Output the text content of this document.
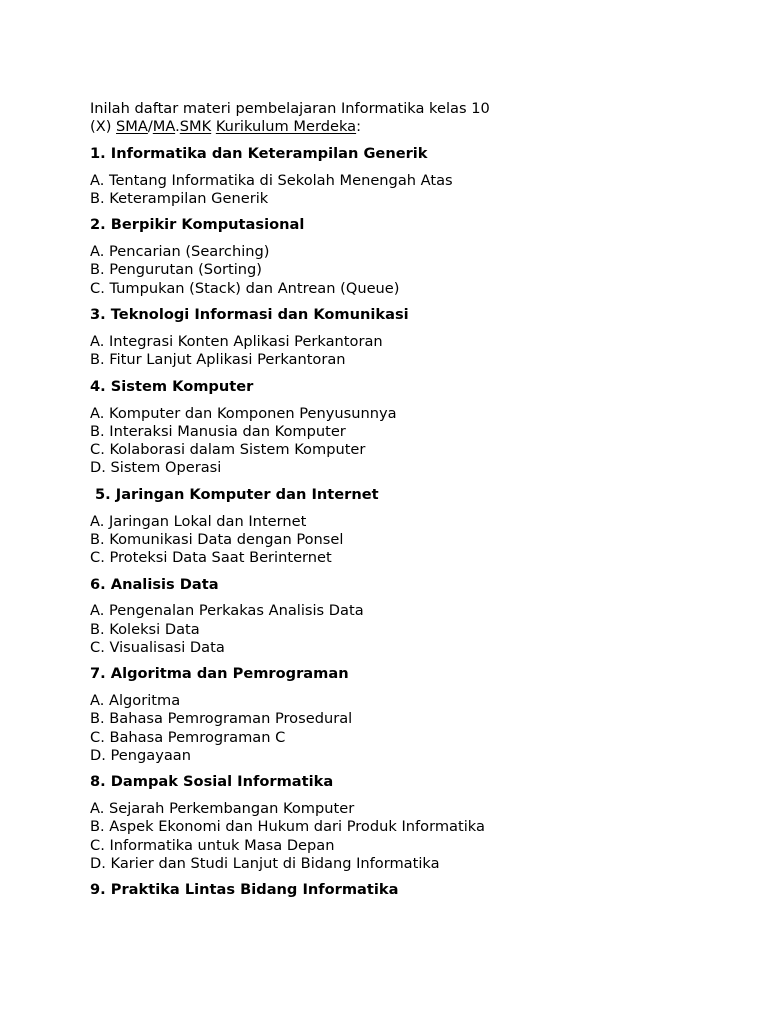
Inilah daftar materi pembelajaran Informatika kelas 10
(X) SMA/MA.SMK Kurikulum Merdeka:

1. Informatika dan Keterampilan Generik
A. Tentang Informatika di Sekolah Menengah Atas
B. Keterampilan Generik
2. Berpikir Komputasional
A. Pencarian (Searching)
B. Pengurutan (Sorting)
C. Tumpukan (Stack) dan Antrean (Queue)
3. Teknologi Informasi dan Komunikasi
A. Integrasi Konten Aplikasi Perkantoran
B. Fitur Lanjut Aplikasi Perkantoran
4. Sistem Komputer
A. Komputer dan Komponen Penyusunnya
B. Interaksi Manusia dan Komputer
C. Kolaborasi dalam Sistem Komputer
D. Sistem Operasi
5. Jaringan Komputer dan Internet
A. Jaringan Lokal dan Internet
B. Komunikasi Data dengan Ponsel
C. Proteksi Data Saat Berinternet
6. Analisis Data
A. Pengenalan Perkakas Analisis Data
B. Koleksi Data
C. Visualisasi Data
7. Algoritma dan Pemrograman
A. Algoritma
B. Bahasa Pemrograman Prosedural
C. Bahasa Pemrograman C
D. Pengayaan
8. Dampak Sosial Informatika
A. Sejarah Perkembangan Komputer
B. Aspek Ekonomi dan Hukum dari Produk Informatika
C. Informatika untuk Masa Depan
D. Karier dan Studi Lanjut di Bidang Informatika
9. Praktika Lintas Bidang Informatika
